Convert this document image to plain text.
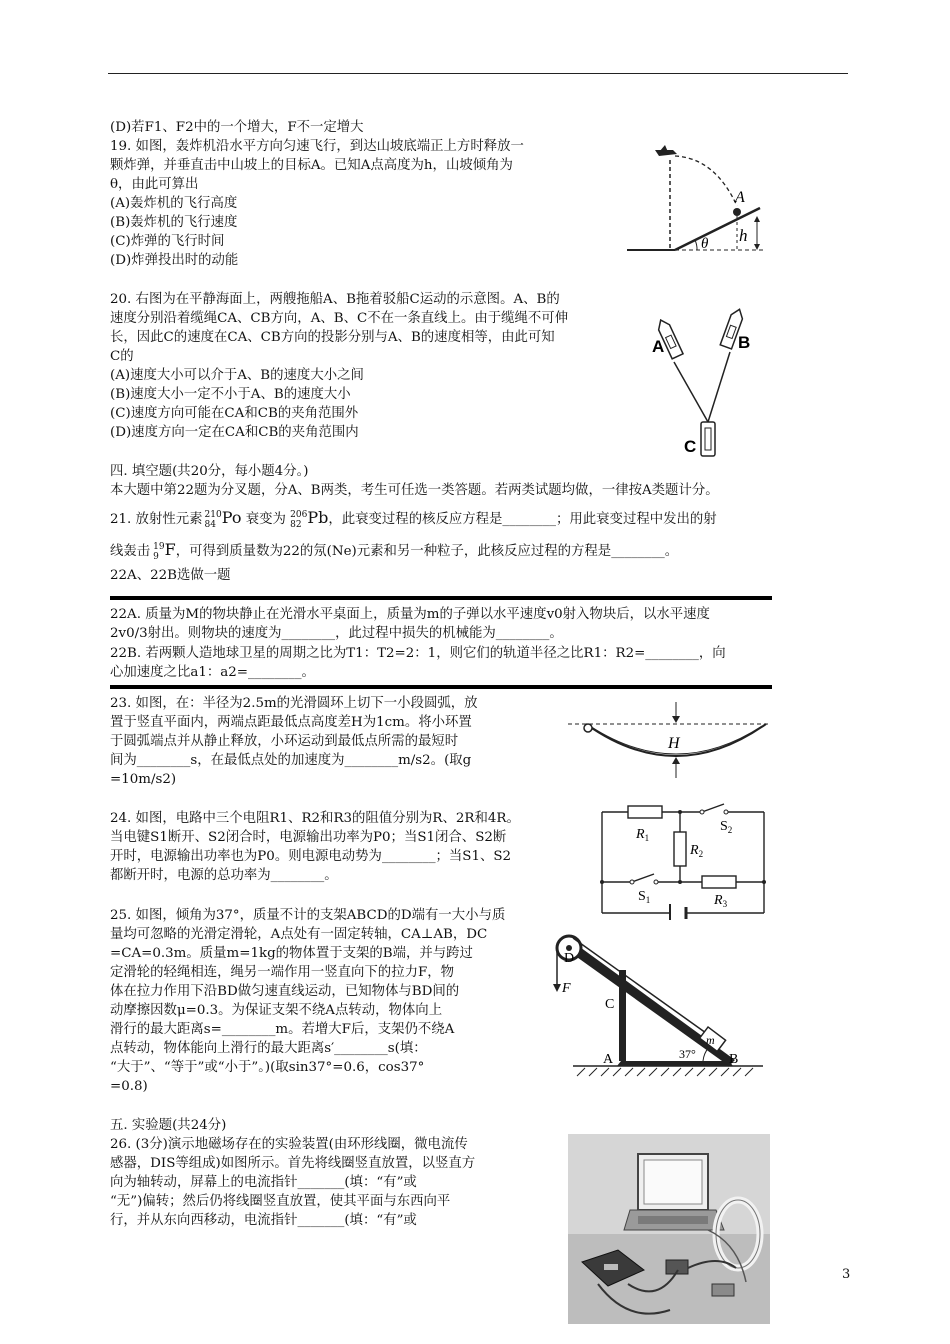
(D)若F1、F2中的一个增大，F不一定增大
19. 如图，轰炸机沿水平方向匀速飞行，到达山坡底端正上方时释放一
颗炸弹，并垂直击中山坡上的目标A。已知A点高度为h，山坡倾角为
θ，由此可算出
(A)轰炸机的飞行高度
(B)轰炸机的飞行速度
(C)炸弹的飞行时间
(D)炸弹投出时的动能
A
θ h
20. 右图为在平静海面上，两艘拖船A、B拖着驳船C运动的示意图。A、B的
速度分别沿着缆绳CA、CB方向，A、B、C不在一条直线上。由于缆绳不可伸
长，因此C的速度在CA、CB方向的投影分别与A、B的速度相等，由此可知
C的
(A)速度大小可以介于A、B的速度大小之间
(B)速度大小一定不小于A、B的速度大小
(C)速度方向可能在CA和CB的夹角范围外
(D)速度方向一定在CA和CB的夹角范围内
A	B
C
四. 填空题(共20分，每小题4分。)
本大题中第22题为分叉题，分A、B两类，考生可任选一类答题。若两类试题均做，一律按A类题计分。
21. 放射性元素 210
84 Po 衰变为 206
82 Pb，此衰变过程的核反应方程是________；用此衰变过程中发出的射
线轰击 19
9 F，可得到质量数为22的氖(Ne)元素和另一种粒子，此核反应过程的方程是________。
22A、22B选做一题
22A. 质量为M的物块静止在光滑水平桌面上，质量为m的子弹以水平速度v0射入物块后，以水平速度
2v0/3射出。则物块的速度为________，此过程中损失的机械能为________。
22B. 若两颗人造地球卫星的周期之比为T1：T2=2：1，则它们的轨道半径之比R1：R2=________，向
心加速度之比a1：a2=________。
23. 如图，在：半径为2.5m的光滑圆环上切下一小段圆弧，放
置于竖直平面内，两端点距最低点高度差H为1cm。将小环置
于圆弧端点并从静止释放，小环运动到最低点所需的最短时
间为________s，在最低点处的加速度为________m/s2。(取g
=10m/s2)
H
24. 如图，电路中三个电阻R1、R2和R3的阻值分别为R、2R和4R。
当电键S1断开、S2闭合时，电源输出功率为P0；当S1闭合、S2断
开时，电源输出功率也为P0。则电源电动势为________；当S1、S2
都断开时，电源的总功率为________。
$R_1$
$R_2$
$R_3$
$S_2$
$S_1$
25. 如图，倾角为37°，质量不计的支架ABCD的D端有一大小与质
量均可忽略的光滑定滑轮，A点处有一固定转轴，CA⊥AB，DC
=CA=0.3m。质量m=1kg的物体置于支架的B端，并与跨过
定滑轮的轻绳相连，绳另一端作用一竖直向下的拉力F，物
体在拉力作用下沿BD做匀速直线运动，已知物体与BD间的
动摩擦因数μ=0.3。为保证支架不绕A点转动，物体向上
滑行的最大距离s=________m。若增大F后，支架仍不绕A
点转动，物体能向上滑行的最大距离s′________s(填：
“大于”、“等于”或“小于”。)(取sin37°=0.6，cos37°
=0.8)
D
C
A	B
F
m
37°
五. 实验题(共24分)
26. (3分)演示地磁场存在的实验装置(由环形线圈，微电流传
感器，DIS等组成)如图所示。首先将线圈竖直放置，以竖直方
向为轴转动，屏幕上的电流指针_______(填：“有”或
“无”)偏转；然后仍将线圈竖直放置，使其平面与东西向平
行，并从东向西移动，电流指针_______(填：“有”或
3
